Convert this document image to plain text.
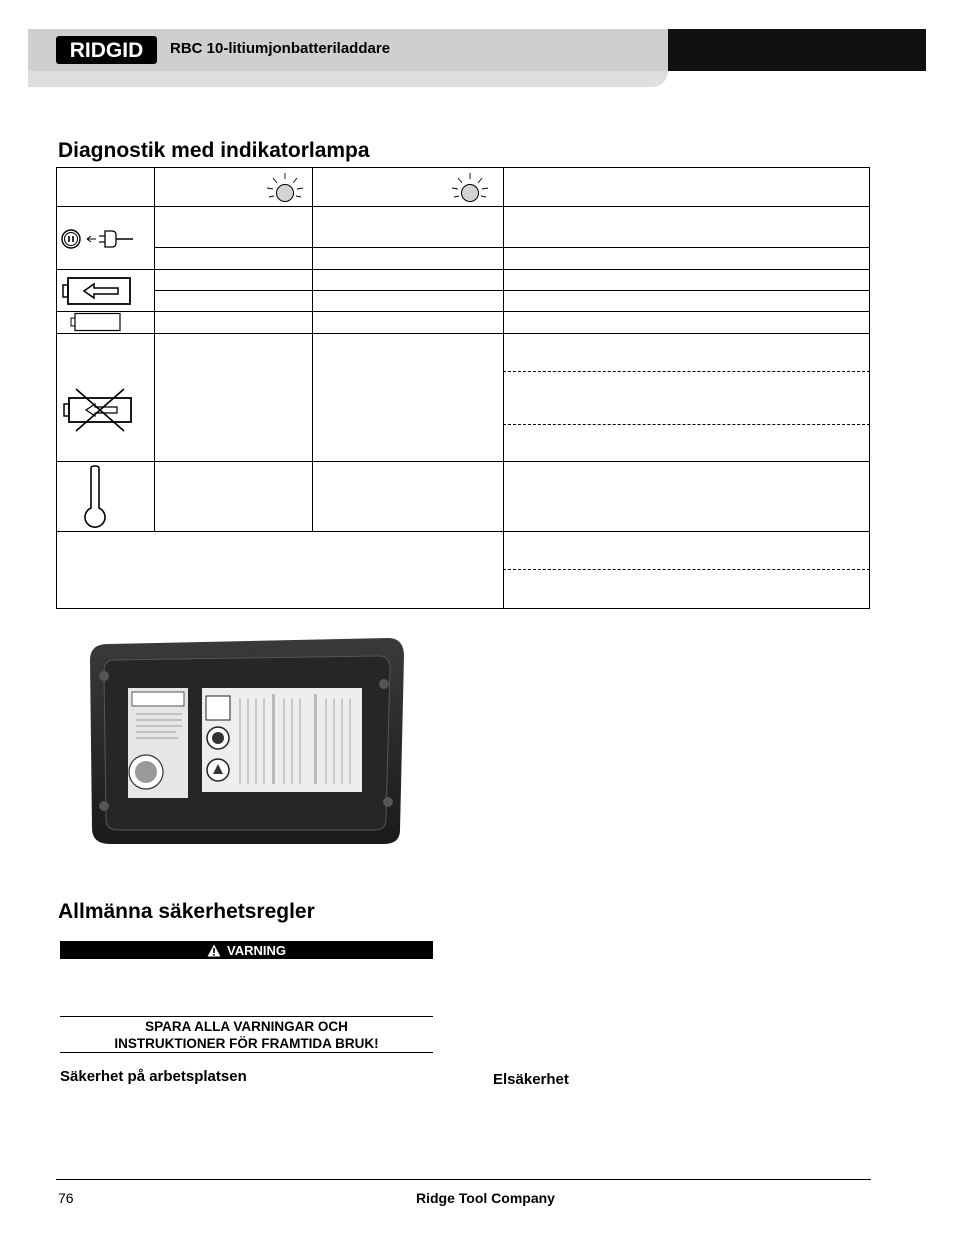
RIDGID RBC 10-litiumjonbatteriladdare
Diagnostik med indikatorlampa
Allmänna säkerhetsregler
VARNING
SPARA ALLA VARNINGAR OCH
INSTRUKTIONER FÖR FRAMTIDA BRUK!
Säkerhet på arbetsplatsen	Elsäkerhet
76	Ridge Tool Company
